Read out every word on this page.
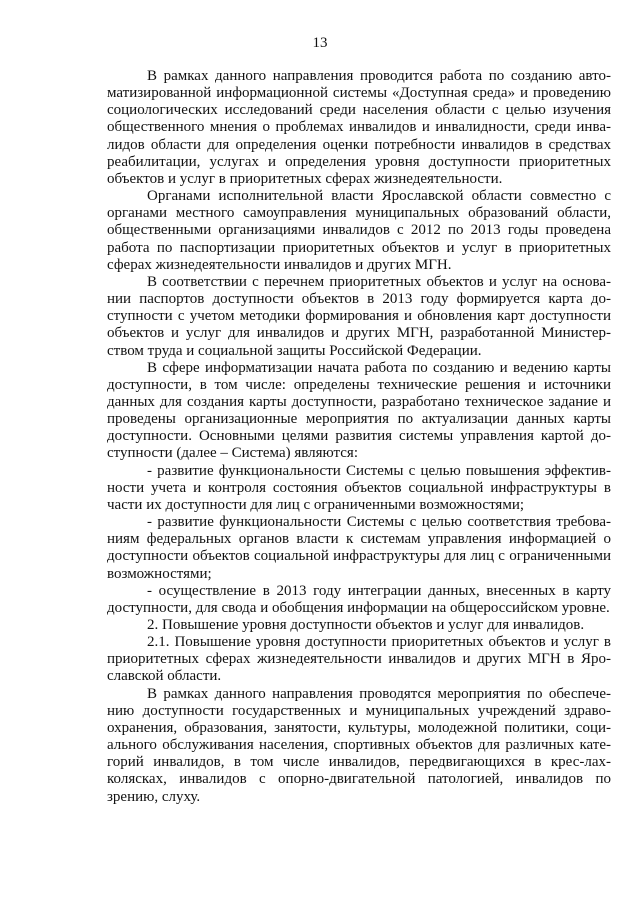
13

В рамках данного направления проводится работа по созданию авто-матизированной информационной системы «Доступная среда» и проведению социологических исследований среди населения области с целью изучения общественного мнения о проблемах инвалидов и инвалидности, среди инва-лидов области для определения оценки потребности инвалидов в средствах реабилитации, услугах и определения уровня доступности приоритетных объектов и услуг в приоритетных сферах жизнедеятельности.

Органами исполнительной власти Ярославской области совместно с органами местного самоуправления муниципальных образований области, общественными организациями инвалидов с 2012 по 2013 годы проведена работа по паспортизации приоритетных объектов и услуг в приоритетных сферах жизнедеятельности инвалидов и других МГН.

В соответствии с перечнем приоритетных объектов и услуг на основа-нии паспортов доступности объектов в 2013 году формируется карта до-ступности с учетом методики формирования и обновления карт доступности объектов и услуг для инвалидов и других МГН, разработанной Министер-ством труда и социальной защиты Российской Федерации.

В сфере информатизации начата работа по созданию и ведению карты доступности, в том числе: определены технические решения и источники данных для создания карты доступности, разработано техническое задание и проведены организационные мероприятия по актуализации данных карты доступности. Основными целями развития системы управления картой до-ступности (далее – Система) являются:

- развитие функциональности Системы с целью повышения эффектив-ности учета и контроля состояния объектов социальной инфраструктуры в части их доступности для лиц с ограниченными возможностями;

- развитие функциональности Системы с целью соответствия требова-ниям федеральных органов власти к системам управления информацией о доступности объектов социальной инфраструктуры для лиц с ограниченными возможностями;

- осуществление в 2013 году интеграции данных, внесенных в карту доступности, для свода и обобщения информации на общероссийском уровне.

2. Повышение уровня доступности объектов и услуг для инвалидов.

2.1. Повышение уровня доступности приоритетных объектов и услуг в приоритетных сферах жизнедеятельности инвалидов и других МГН в Яро-славской области.

В рамках данного направления проводятся мероприятия по обеспече-нию доступности государственных и муниципальных учреждений здраво-охранения, образования, занятости, культуры, молодежной политики, соци-ального обслуживания населения, спортивных объектов для различных кате-горий инвалидов, в том числе инвалидов, передвигающихся в крес-лах-колясках, инвалидов с опорно-двигательной патологией, инвалидов по зрению, слуху.
